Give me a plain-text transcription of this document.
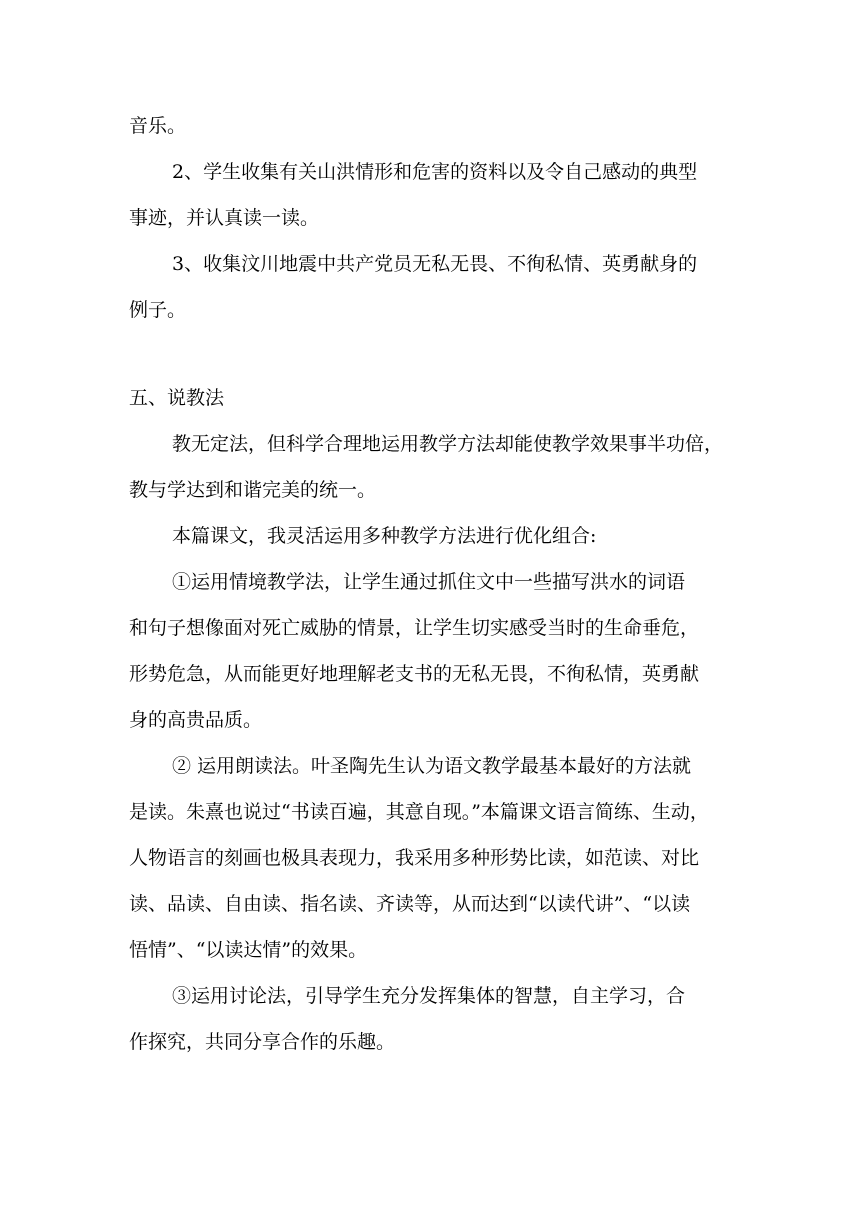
音乐。
2、学生收集有关山洪情形和危害的资料以及令自己感动的典型
事迹，并认真读一读。
3、收集汶川地震中共产党员无私无畏、不徇私情、英勇献身的
例子。
五、说教法
教无定法，但科学合理地运用教学方法却能使教学效果事半功倍，
教与学达到和谐完美的统一。
本篇课文，我灵活运用多种教学方法进行优化组合:
①运用情境教学法，让学生通过抓住文中一些描写洪水的词语
和句子想像面对死亡威胁的情景，让学生切实感受当时的生命垂危，
形势危急，从而能更好地理解老支书的无私无畏，不徇私情，英勇献
身的高贵品质。
② 运用朗读法。叶圣陶先生认为语文教学最基本最好的方法就
是读。朱熹也说过“书读百遍，其意自现。”本篇课文语言简练、生动，
人物语言的刻画也极具表现力，我采用多种形势比读，如范读、对比
读、品读、自由读、指名读、齐读等，从而达到“以读代讲”、“以读
悟情”、“以读达情”的效果。
③运用讨论法，引导学生充分发挥集体的智慧，自主学习，合
作探究，共同分享合作的乐趣。
